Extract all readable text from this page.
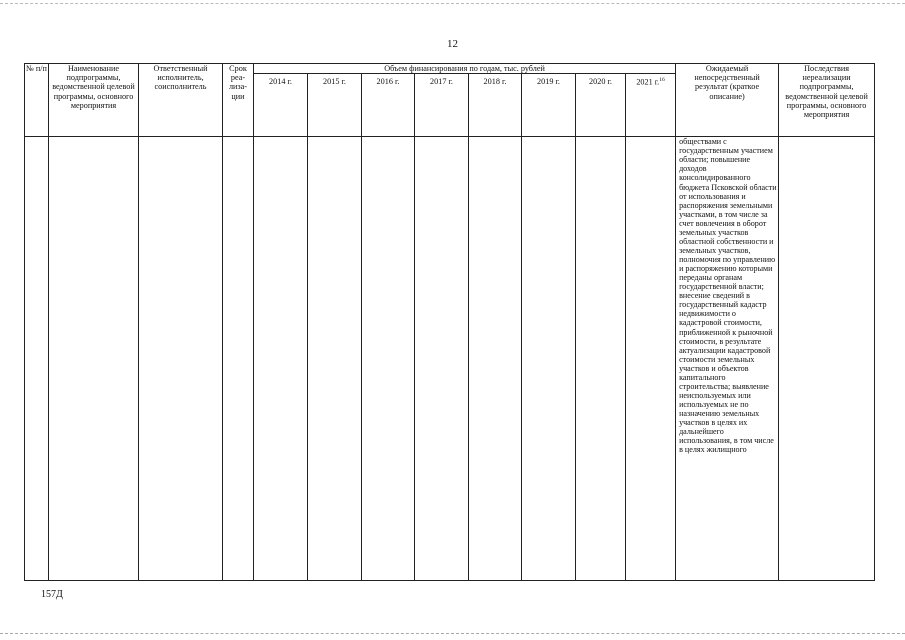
12
№ п/п	Наименование подпрограммы, ведомственной целевой программы, основного мероприятия	Ответственный исполнитель, соисполнитель	Срок реа-лиза-ции	Объем финансирования по годам, тыс. рублей								Ожидаемый непосредственный результат (краткое описание)	Последствия нереализации подпрограммы, ведомственной целевой программы, основного мероприятия
				2014 г.	2015 г.	2016 г.	2017 г.	2018 г.	2019 г.	2020 г.	2021 г.$^{16}$
												обществами с государственным участием области; повышение доходов консолидированного бюджета Псковской области от использования и распоряжения земельными участками, в том числе за счет вовлечения в оборот земельных участков областной собственности и земельных участков, полномочия по управлению и распоряжению которыми переданы органам государственной власти; внесение сведений в государственный кадастр недвижимости о кадастровой стоимости, приближенной к рыночной стоимости, в результате актуализации кадастровой стоимости земельных участков и объектов капитального строительства; выявление неиспользуемых или используемых не по назначению земельных участков в целях их дальнейшего использования, в том числе в целях жилищного	
157Д
